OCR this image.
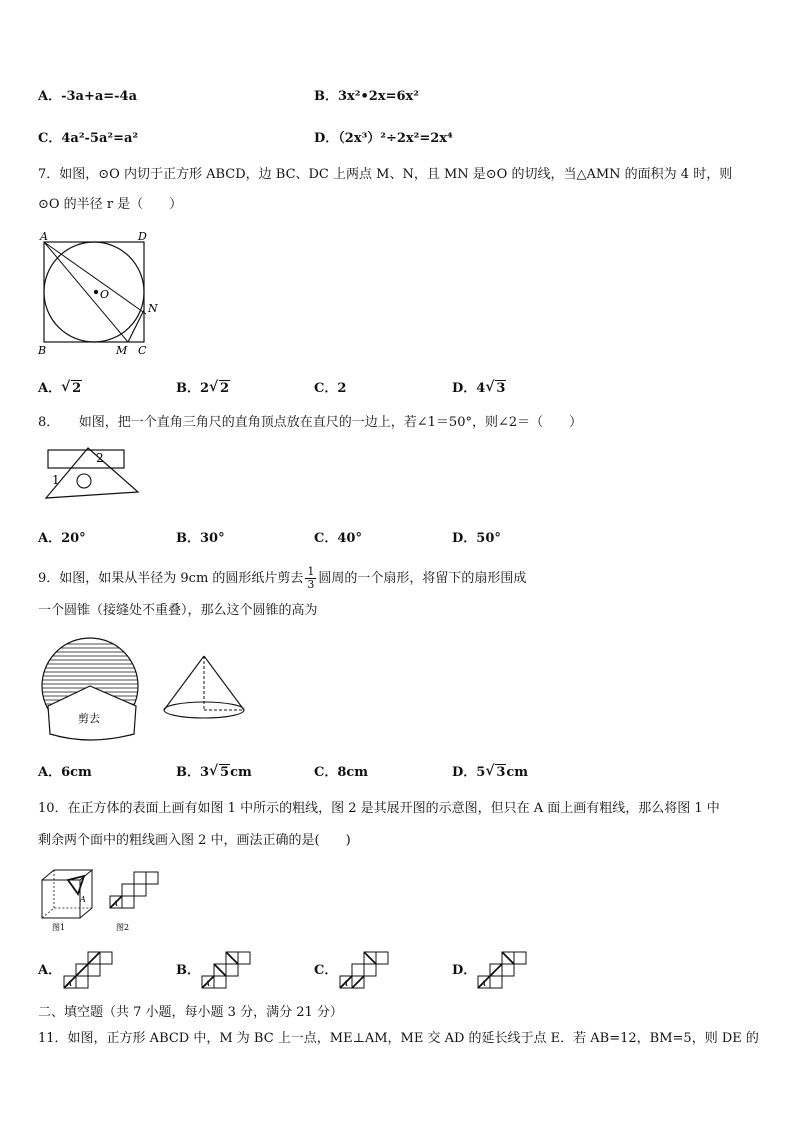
A．-3a+a=-4a	B．3x²•2x=6x²
C．4a²-5a²=a²	D．（2x³）²÷2x²=2x⁴
7．如图，⊙O 内切于正方形 ABCD，边 BC、DC 上两点 M、N，且 MN 是⊙O 的切线，当△AMN 的面积为 4 时，则
⊙O 的半径 r 是（　　）
A	D
B	C
M
N
O
A． √ 2	B．2 √ 2	C．2	D．4 √ 3
8．　　如图，把一个直角三角尺的直角顶点放在直尺的一边上，若∠1＝50°，则∠2＝（　　）
2
1
A．20°	B．30°	C．40°	D．50°
9．如图，如果从半径为 9cm 的圆形纸片剪去 $\frac{1}{3}$ 圆周的一个扇形，将留下的扇形围成
一个圆锥（接缝处不重叠），那么这个圆锥的高为
剪去
A．6cm	B．3 √ 5cm	C．8cm	D．5 √ 3cm
10．在正方体的表面上画有如图 1 中所示的粗线，图 2 是其展开图的示意图，但只在 A 面上画有粗线，那么将图 1 中
剩余两个面中的粗线画入图 2 中，画法正确的是(　　)
A
图1
A
图2
A．
A
B．
A
C．
A
D．
A
二、填空题（共 7 小题，每小题 3 分，满分 21 分）
11．如图，正方形 ABCD 中，M 为 BC 上一点，ME⊥AM，ME 交 AD 的延长线于点 E．若 AB=12，BM=5，则 DE 的
